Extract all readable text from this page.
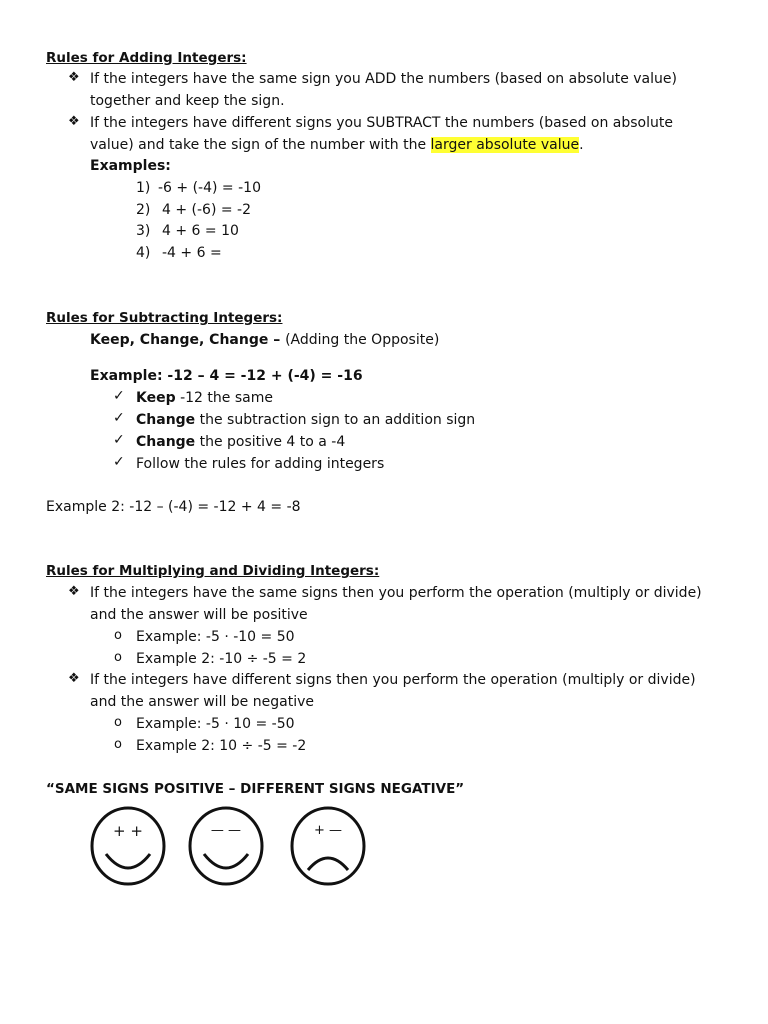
Rules for Adding Integers:
❖ If the integers have the same sign you ADD the numbers (based on absolute value)
together and keep the sign.
❖ If the integers have different signs you SUBTRACT the numbers (based on absolute
value) and take the sign of the number with the larger absolute value.
Examples:
1) -6 + (-4) = -10
2) 4 + (-6) = -2
3) 4 + 6 = 10
4) -4 + 6 =
Rules for Subtracting Integers:
Keep, Change, Change – (Adding the Opposite)
Example: -12 – 4 = -12 + (-4) = -16
✓ Keep -12 the same
✓ Change the subtraction sign to an addition sign
✓ Change the positive 4 to a -4
✓ Follow the rules for adding integers
Example 2: -12 – (-4) = -12 + 4 = -8
Rules for Multiplying and Dividing Integers:
❖ If the integers have the same signs then you perform the operation (multiply or divide)
and the answer will be positive
o Example: -5 · -10 = 50
o Example 2: -10 ÷ -5 = 2
❖ If the integers have different signs then you perform the operation (multiply or divide)
and the answer will be negative
o Example: -5 · 10 = -50
o Example 2: 10 ÷ -5 = -2
“SAME SIGNS POSITIVE – DIFFERENT SIGNS NEGATIVE”
+ +	— —	+ —
